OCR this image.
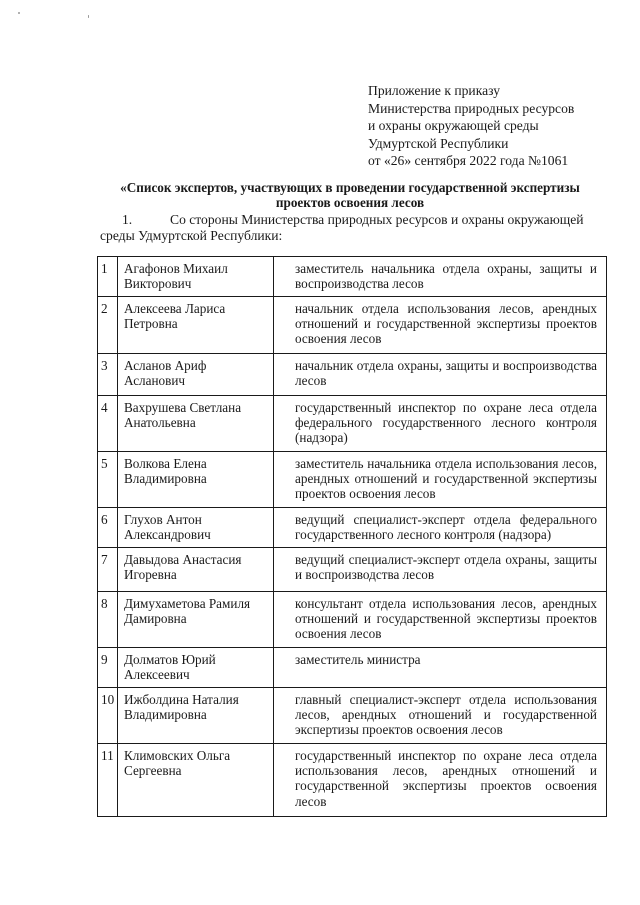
Приложение к приказу
Министерства природных ресурсов
и охраны окружающей среды
Удмуртской Республики
от «26» сентября 2022 года №1061
«Список экспертов, участвующих в проведении государственной экспертизы
проектов освоения лесов
1.	Со стороны Министерства природных ресурсов и охраны окружающей среды Удмуртской Республики:
1	Агафонов Михаил Викторович	заместитель начальника отдела охраны, защиты и воспроизводства лесов
2	Алексеева Лариса Петровна	начальник отдела использования лесов, арендных отношений и государственной экспертизы проектов освоения лесов
3	Асланов Ариф Асланович	начальник отдела охраны, защиты и воспроизводства лесов
4	Вахрушева Светлана Анатольевна	государственный инспектор по охране леса отдела федерального государственного лесного контроля (надзора)
5	Волкова Елена Владимировна	заместитель начальника отдела использования лесов, арендных отношений и государственной экспертизы проектов освоения лесов
6	Глухов Антон Александрович	ведущий специалист-эксперт отдела федерального государственного лесного контроля (надзора)
7	Давыдова Анастасия Игоревна	ведущий специалист-эксперт отдела охраны, защиты и воспроизводства лесов
8	Димухаметова Рамиля Дамировна	консультант отдела использования лесов, арендных отношений и государственной экспертизы проектов освоения лесов
9	Долматов Юрий Алексеевич	заместитель министра
10	Ижболдина Наталия Владимировна	главный специалист-эксперт отдела использования лесов, арендных отношений и государственной экспертизы проектов освоения лесов
11	Климовских Ольга Сергеевна	государственный инспектор по охране леса отдела использования лесов, арендных отношений и государственной экспертизы проектов освоения лесов
